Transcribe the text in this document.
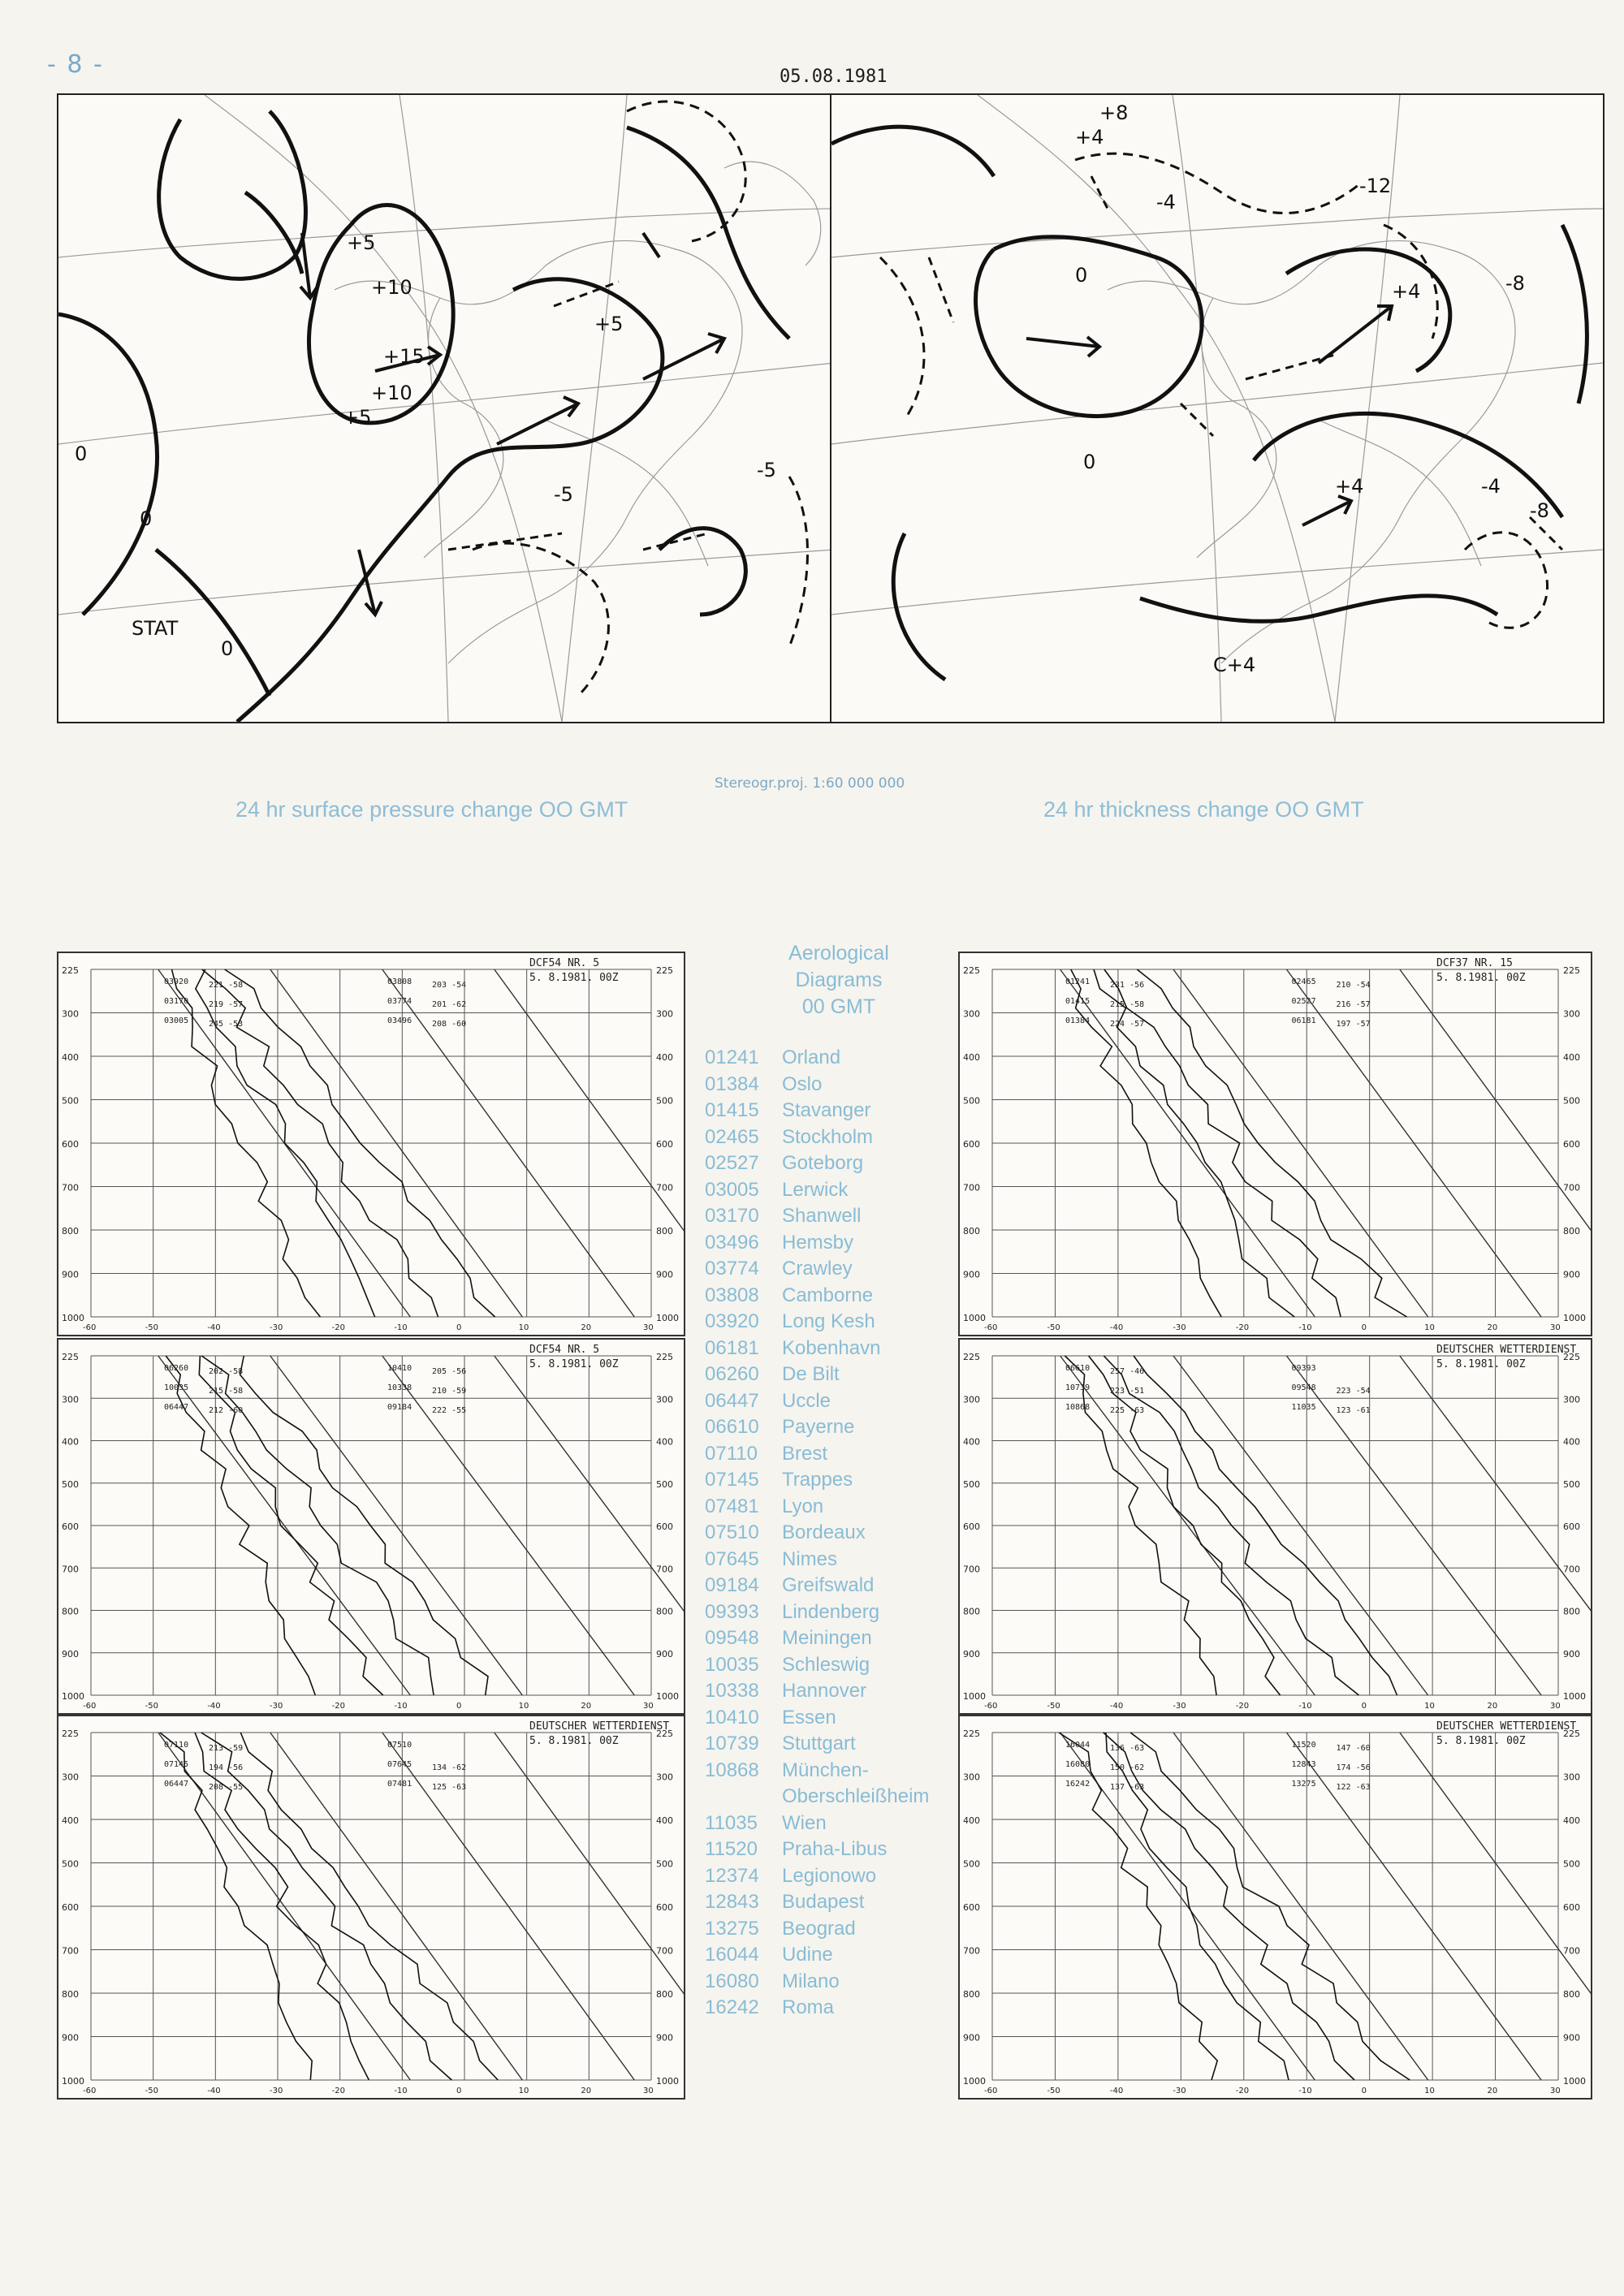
- 8 -	05.08.1981
+5
+10
+15
+10
+5
+5
-5
-5
0
0
0
STAT
+4
+8
-4
-8
-12
+4
-4
-8
+4
0
0
C+4
Stereogr.proj. 1:60 000 000
24 hr surface pressure change OO GMT	24 hr thickness change OO GMT
225	225
300	300
400	400
500	500
600	600
700	700
800	800
900	900
1000	1000
-60	-50	-40	-30	-20	-10	0	10	20	30
DCF54 NR. 5
5. 8.1981. 00Z
03920 221 -58
03170 219 -57
03005 245 -53
03808 203 -54
03774 201 -62
03496 208 -60
225	225
300	300
400	400
500	500
600	600
700	700
800	800
900	900
1000	1000
-60	-50	-40	-30	-20	-10	0	10	20	30
DCF37 NR. 15
5. 8.1981. 00Z
01241 231 -56
01415 215 -58
01384 224 -57
02465 210 -54
02527 216 -57
06181 197 -57
225	225
300	300
400	400
500	500
600	600
700	700
800	800
900	900
1000	1000
-60	-50	-40	-30	-20	-10	0	10	20	30
DCF54 NR. 5
5. 8.1981. 00Z
06260 202 -58
10035 215 -58
06447 212 -60
10410 205 -56
10338 210 -59
09184 222 -55
225	225
300	300
400	400
500	500
600	600
700	700
800	800
900	900
1000	1000
-60	-50	-40	-30	-20	-10	0	10	20	30
DEUTSCHER WETTERDIENST
5. 8.1981. 00Z
06610 257 -46
10739 223 -51
10868 225 -63
09393
09548 223 -54
11035 123 -61
225	225
300	300
400	400
500	500
600	600
700	700
800	800
900	900
1000	1000
-60	-50	-40	-30	-20	-10	0	10	20	30
DEUTSCHER WETTERDIENST
5. 8.1981. 00Z
07110 213 -59
07145 194 -56
06447 208 -55
07510
07645 134 -62
07481 125 -63
225	225
300	300
400	400
500	500
600	600
700	700
800	800
900	900
1000	1000
-60	-50	-40	-30	-20	-10	0	10	20	30
DEUTSCHER WETTERDIENST
5. 8.1981. 00Z
16044 136 -63
16080 150 -62
16242 137 -63
11520 147 -60
12843 174 -56
13275 122 -63
Aerological
Diagrams
00 GMT
01241	Orland
01384	Oslo
01415	Stavanger
02465	Stockholm
02527	Goteborg
03005	Lerwick
03170	Shanwell
03496	Hemsby
03774	Crawley
03808	Camborne
03920	Long Kesh
06181	Kobenhavn
06260	De Bilt
06447	Uccle
06610	Payerne
07110	Brest
07145	Trappes
07481	Lyon
07510	Bordeaux
07645	Nimes
09184	Greifswald
09393	Lindenberg
09548	Meiningen
10035	Schleswig
10338	Hannover
10410	Essen
10739	Stuttgart
10868	München-Oberschleißheim
11035	Wien
11520	Praha-Libus
12374	Legionowo
12843	Budapest
13275	Beograd
16044	Udine
16080	Milano
16242	Roma
